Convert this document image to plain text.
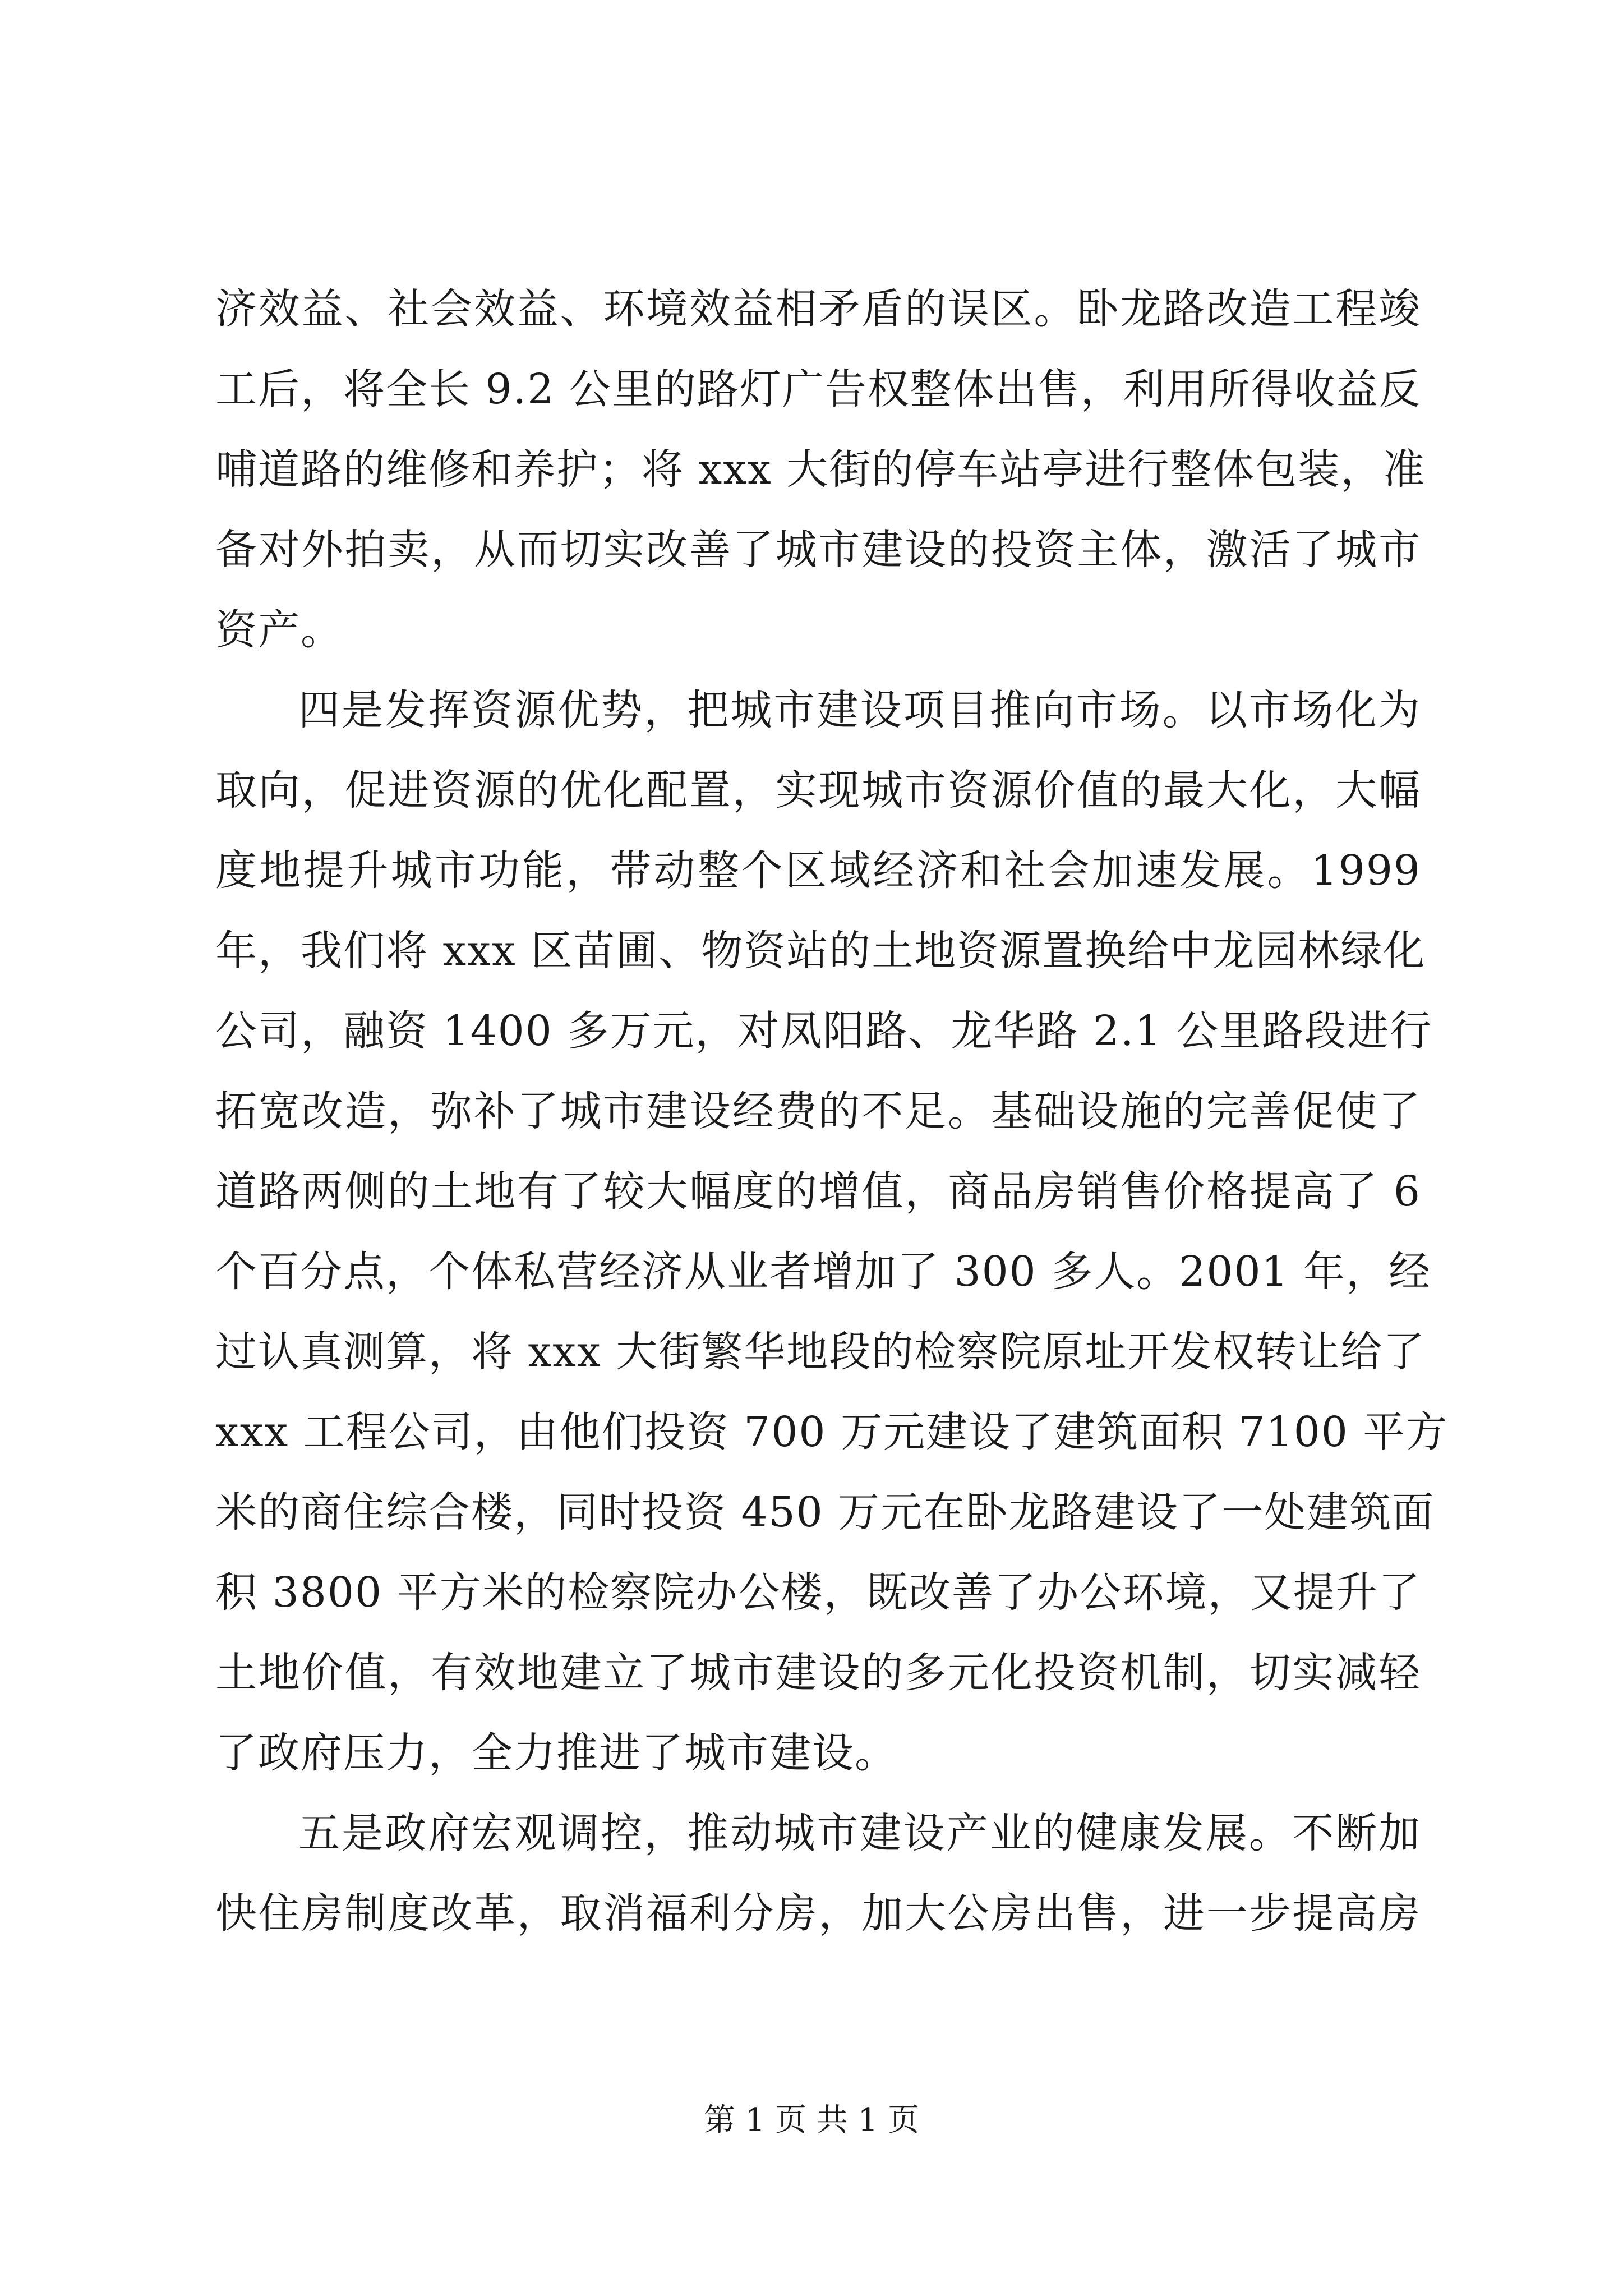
济效益、社会效益、环境效益相矛盾的误区。卧龙路改造工程竣
工后，将全长 9.2 公里的路灯广告权整体出售，利用所得收益反
哺道路的维修和养护；将 xxx 大街的停车站亭进行整体包装，准
备对外拍卖，从而切实改善了城市建设的投资主体，激活了城市
资产。
四是发挥资源优势，把城市建设项目推向市场。以市场化为
取向，促进资源的优化配置，实现城市资源价值的最大化，大幅
度地提升城市功能，带动整个区域经济和社会加速发展。1999
年，我们将 xxx 区苗圃、物资站的土地资源置换给中龙园林绿化
公司，融资 1400 多万元，对凤阳路、龙华路 2.1 公里路段进行
拓宽改造，弥补了城市建设经费的不足。基础设施的完善促使了
道路两侧的土地有了较大幅度的增值，商品房销售价格提高了 6
个百分点，个体私营经济从业者增加了 300 多人。2001 年，经
过认真测算，将 xxx 大街繁华地段的检察院原址开发权转让给了
xxx 工程公司，由他们投资 700 万元建设了建筑面积 7100 平方
米的商住综合楼，同时投资 450 万元在卧龙路建设了一处建筑面
积 3800 平方米的检察院办公楼，既改善了办公环境，又提升了
土地价值，有效地建立了城市建设的多元化投资机制，切实减轻
了政府压力，全力推进了城市建设。
五是政府宏观调控，推动城市建设产业的健康发展。不断加
快住房制度改革，取消福利分房，加大公房出售，进一步提高房
第 1 页 共 1 页
